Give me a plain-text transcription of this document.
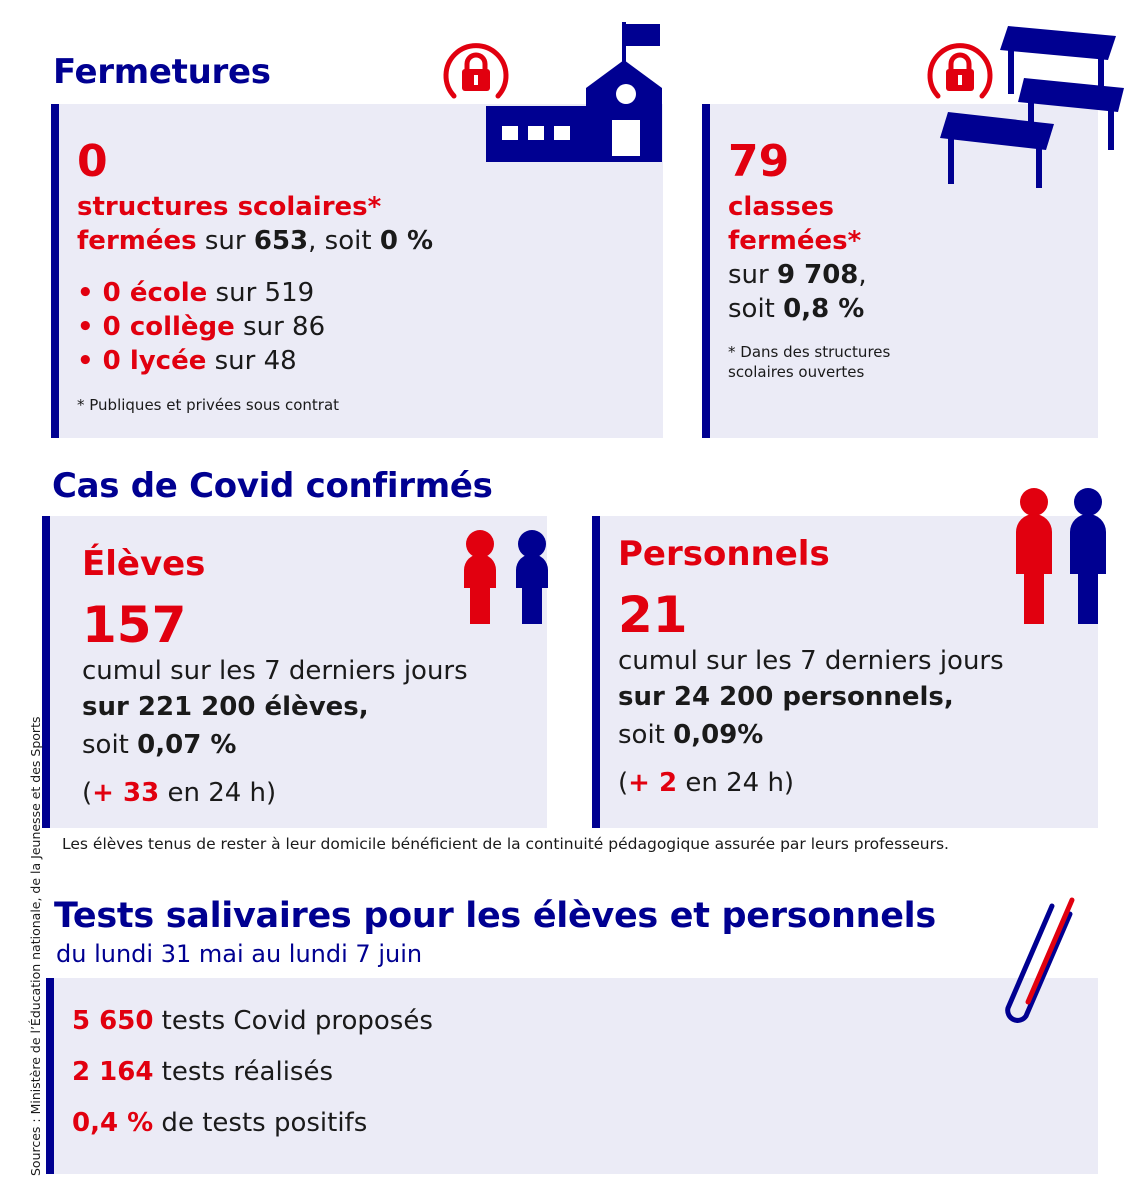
Fermetures
0
structures scolaires*
fermées sur 653, soit 0 %
• 0 école sur 519
• 0 collège sur 86
• 0 lycée sur 48
* Publiques et privées sous contrat
79
classes
fermées*
sur 9 708,
soit 0,8 %
* Dans des structures
scolaires ouvertes
Cas de Covid confirmés
Élèves
157
cumul sur les 7 derniers jours
sur 221 200 élèves,
soit 0,07 %
(+ 33 en 24 h)
Personnels
21
cumul sur les 7 derniers jours
sur 24 200 personnels,
soit 0,09%
(+ 2 en 24 h)
Les élèves tenus de rester à leur domicile bénéficient de la continuité pédagogique assurée par leurs professeurs.
Tests salivaires pour les élèves et personnels
du lundi 31 mai au lundi 7 juin
5 650 tests Covid proposés
2 164 tests réalisés
0,4 % de tests positifs
Sources : Ministère de l’Éducation nationale, de la Jeunesse et des Sports
